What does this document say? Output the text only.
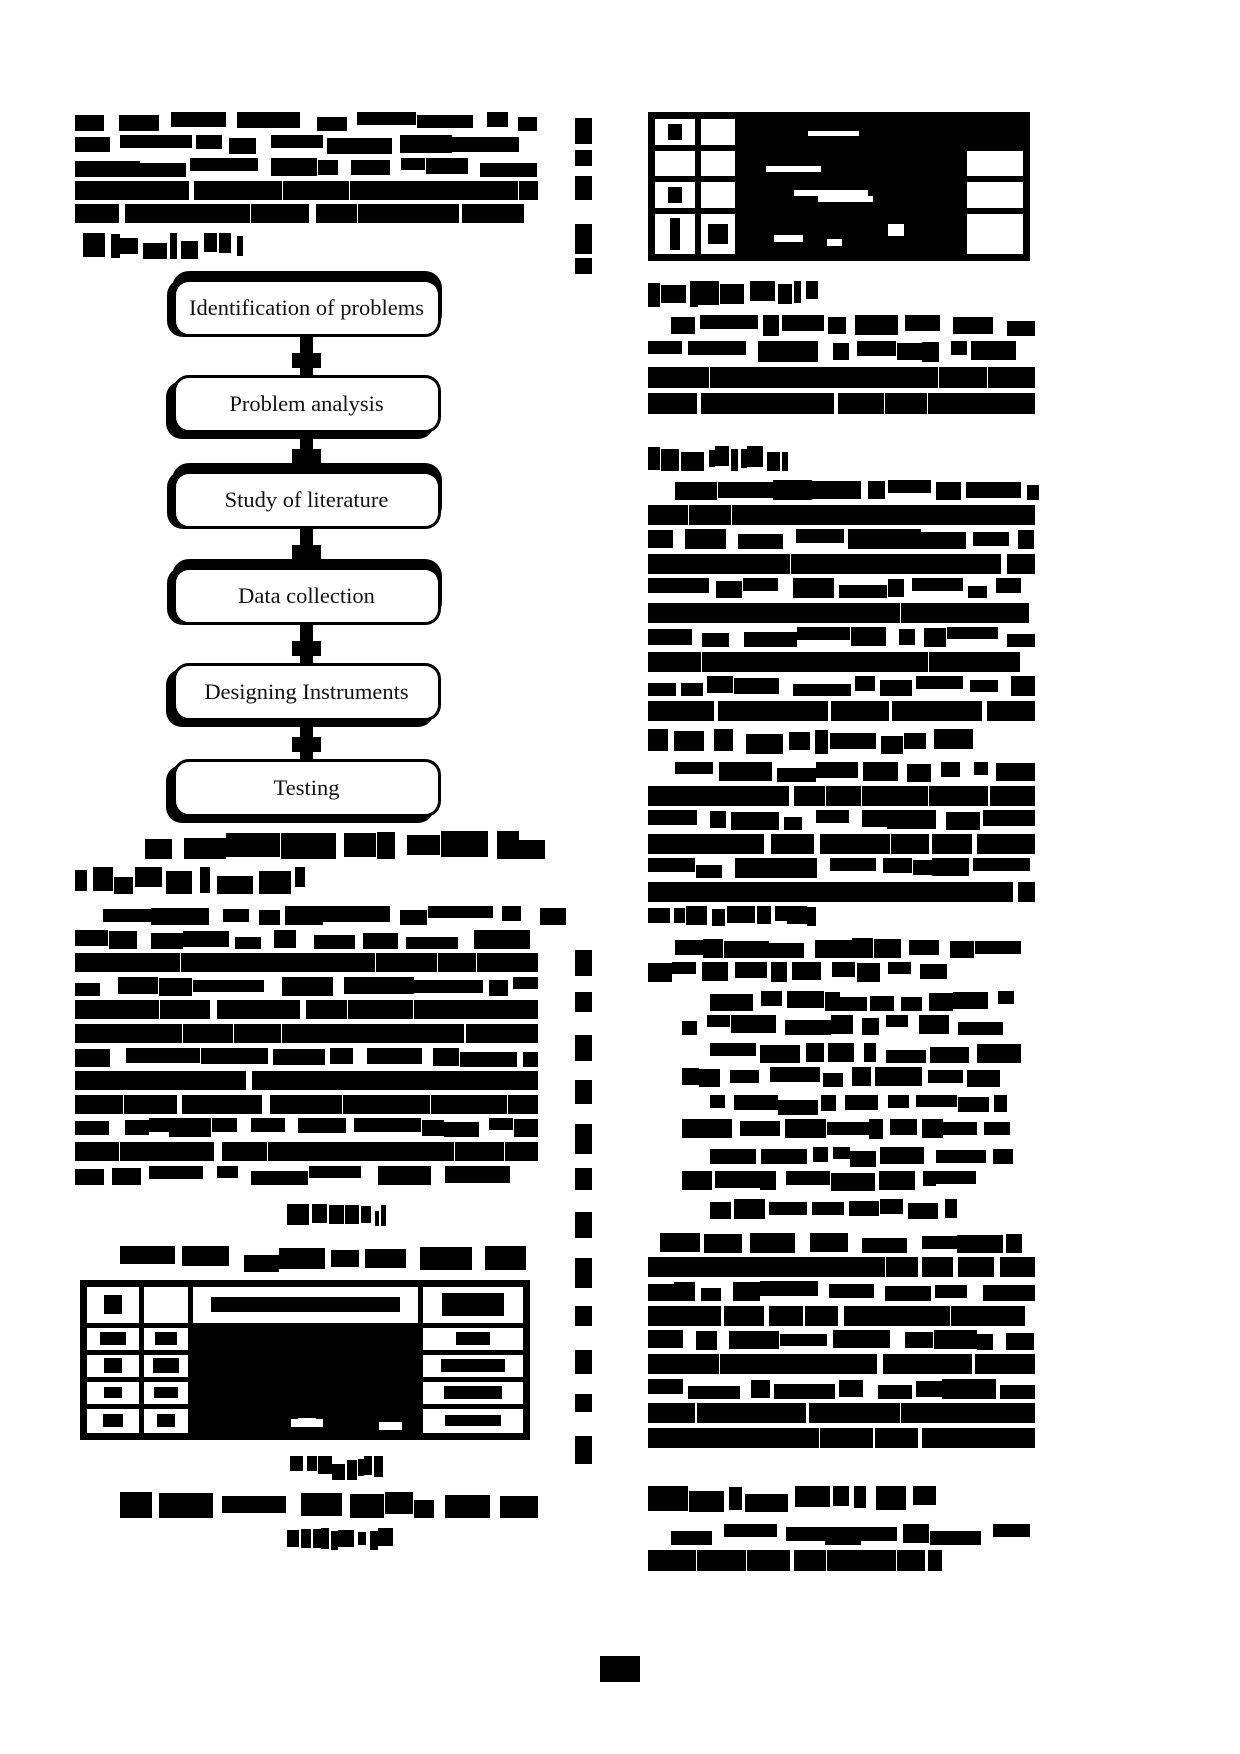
Identification of problems
Problem analysis
Study of literature
Data collection
Designing Instruments
Testing
